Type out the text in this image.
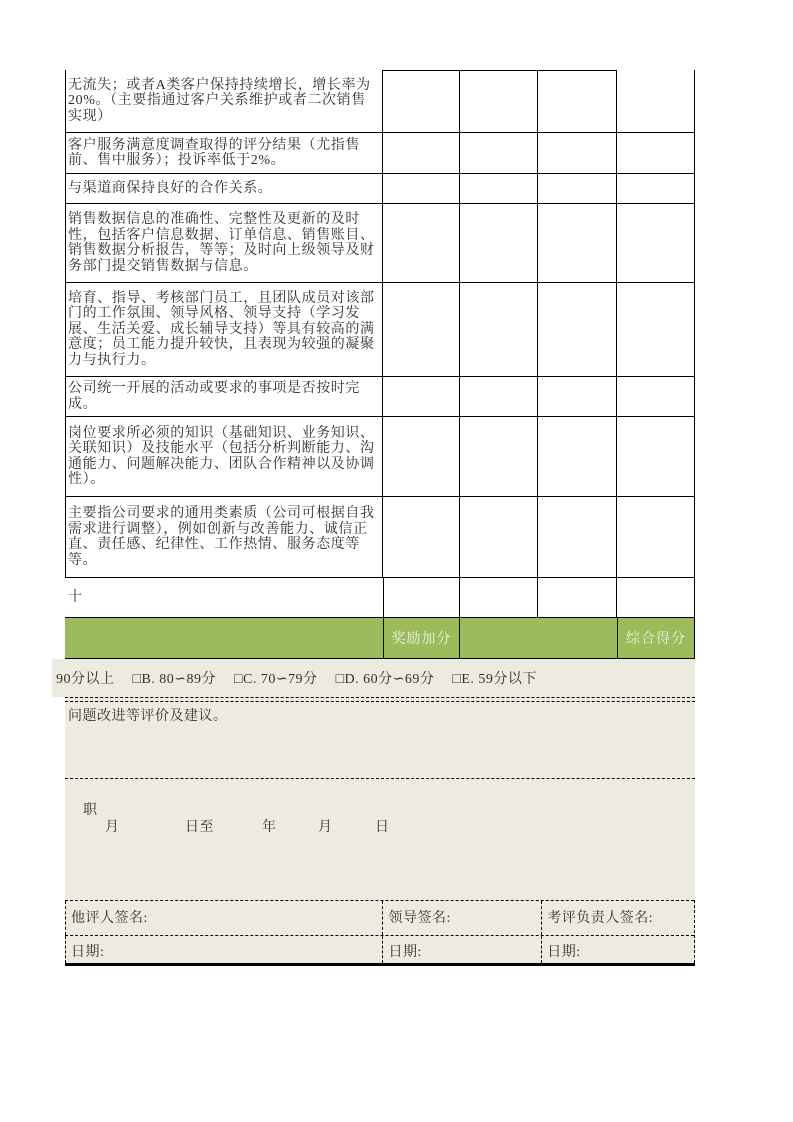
无流失；或者A类客户保持持续增长，增长率为20%。（主要指通过客户关系维护或者二次销售实现）
客户服务满意度调查取得的评分结果（尤指售前、售中服务）；投诉率低于2%。
与渠道商保持良好的合作关系。
销售数据信息的准确性、完整性及更新的及时性，包括客户信息数据、订单信息、销售账目、销售数据分析报告，等等；及时向上级领导及财务部门提交销售数据与信息。
培育、指导、考核部门员工，且团队成员对该部门的工作氛围、领导风格、领导支持（学习发展、生活关爱、成长辅导支持）等具有较高的满意度；员工能力提升较快，且表现为较强的凝聚力与执行力。
公司统一开展的活动或要求的事项是否按时完成。
岗位要求所必须的知识（基础知识、业务知识、关联知识）及技能水平（包括分析判断能力、沟通能力、问题解决能力、团队合作精神以及协调性）。
主要指公司要求的通用类素质（公司可根据自我需求进行调整），例如创新与改善能力、诚信正直、责任感、纪律性、工作热情、服务态度等等。
十
奖励加分	综合得分
90分以上 □B. 80∽89分 □C. 70∽79分 □D. 60分∽69分 □E. 59分以下
问题改进等评价及建议。
职
月	日至	年	月	日
他评人签名:	领导签名:	考评负责人签名:
日期:	日期:	日期:
